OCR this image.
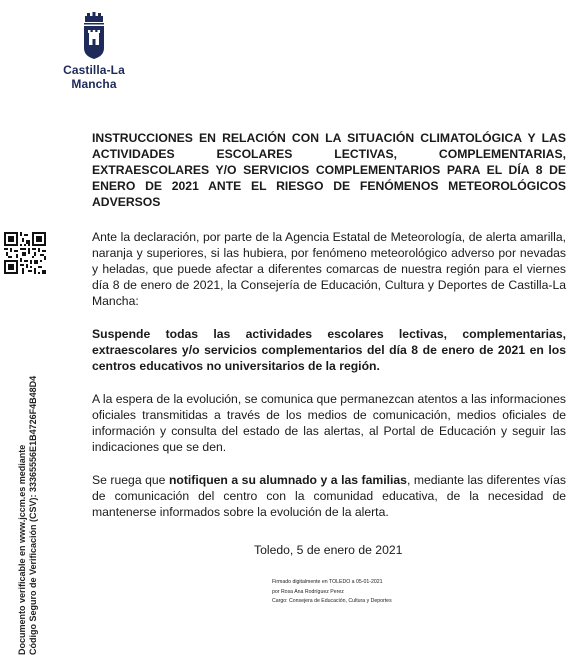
Castilla-La Mancha
Documento verificable en www.jccm.es mediante Código Seguro de Verificación (CSV): 33365556E1B4726F4B48D4
INSTRUCCIONES EN RELACIÓN CON LA SITUACIÓN CLIMATOLÓGICA Y LAS ACTIVIDADES ESCOLARES LECTIVAS, COMPLEMENTARIAS, EXTRAESCOLARES Y/O SERVICIOS COMPLEMENTARIOS PARA EL DÍA 8 DE ENERO DE 2021 ANTE EL RIESGO DE FENÓMENOS METEOROLÓGICOS ADVERSOS
Ante la declaración, por parte de la Agencia Estatal de Meteorología, de alerta amarilla, naranja y superiores, si las hubiera, por fenómeno meteorológico adverso por nevadas y heladas, que puede afectar a diferentes comarcas de nuestra región para el viernes día 8 de enero de 2021, la Consejería de Educación, Cultura y Deportes de Castilla-La Mancha:
Suspende todas las actividades escolares lectivas, complementarias, extraescolares y/o servicios complementarios del día 8 de enero de 2021 en los centros educativos no universitarios de la región.
A la espera de la evolución, se comunica que permanezcan atentos a las informaciones oficiales transmitidas a través de los medios de comunicación, medios oficiales de información y consulta del estado de las alertas, al Portal de Educación y seguir las indicaciones que se den.
Se ruega que notifiquen a su alumnado y a las familias, mediante las diferentes vías de comunicación del centro con la comunidad educativa, de la necesidad de mantenerse informados sobre la evolución de la alerta.
Toledo, 5 de enero de 2021
Firmado digitalmente en TOLEDO a 05-01-2021
por Rosa Ana Rodríguez Perez
Cargo: Consejera de Educación, Cultura y Deportes
